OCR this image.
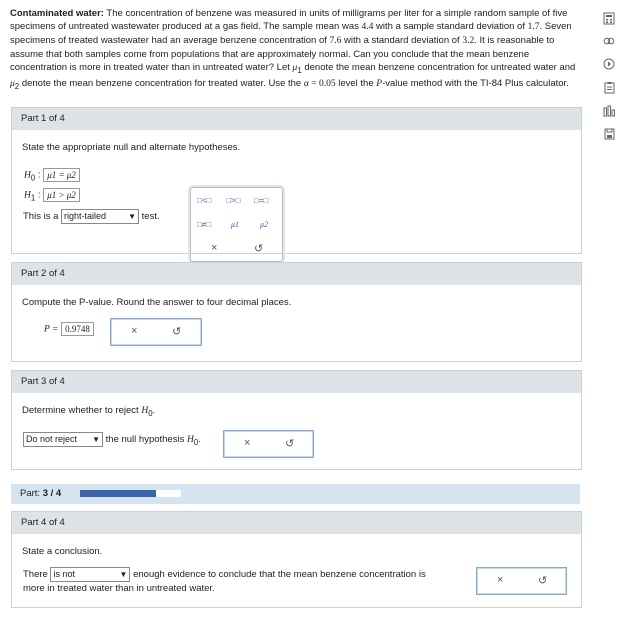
Contaminated water: The concentration of benzene was measured in units of milligrams per liter for a simple random sample of five specimens of untreated wastewater produced at a gas field. The sample mean was 4.4 with a sample standard deviation of 1.7. Seven specimens of treated wastewater had an average benzene concentration of 7.6 with a standard deviation of 3.2. It is reasonable to assume that both samples come from populations that are approximately normal. Can you conclude that the mean benzene concentration is more in treated water than in untreated water? Let $\mu_1$ denote the mean benzene concentration for untreated water and $\mu_2$ denote the mean benzene concentration for treated water. Use the α = 0.05 level the P-value method with the TI-84 Plus calculator.
Part 1 of 4
State the appropriate null and alternate hypotheses.
$H_0$ : μ1 = μ2
$H_1$ : μ1 > μ2
This is a right-tailed	▼ test.
□<□ □>□ □=□
□≠□ μ1	μ2
×	↺
Part 2 of 4
Compute the P-value. Round the answer to four decimal places.
P = 0.9748	×	↺
Part 3 of 4
Determine whether to reject $H_0$.
Do not reject ▼ the null hypothesis $H_0$.	×	↺
Part: 3 / 4
Part 4 of 4
State a conclusion.
There is not	▼ enough evidence to conclude that the mean benzene concentration is
more in treated water than in untreated water.
×	↺
